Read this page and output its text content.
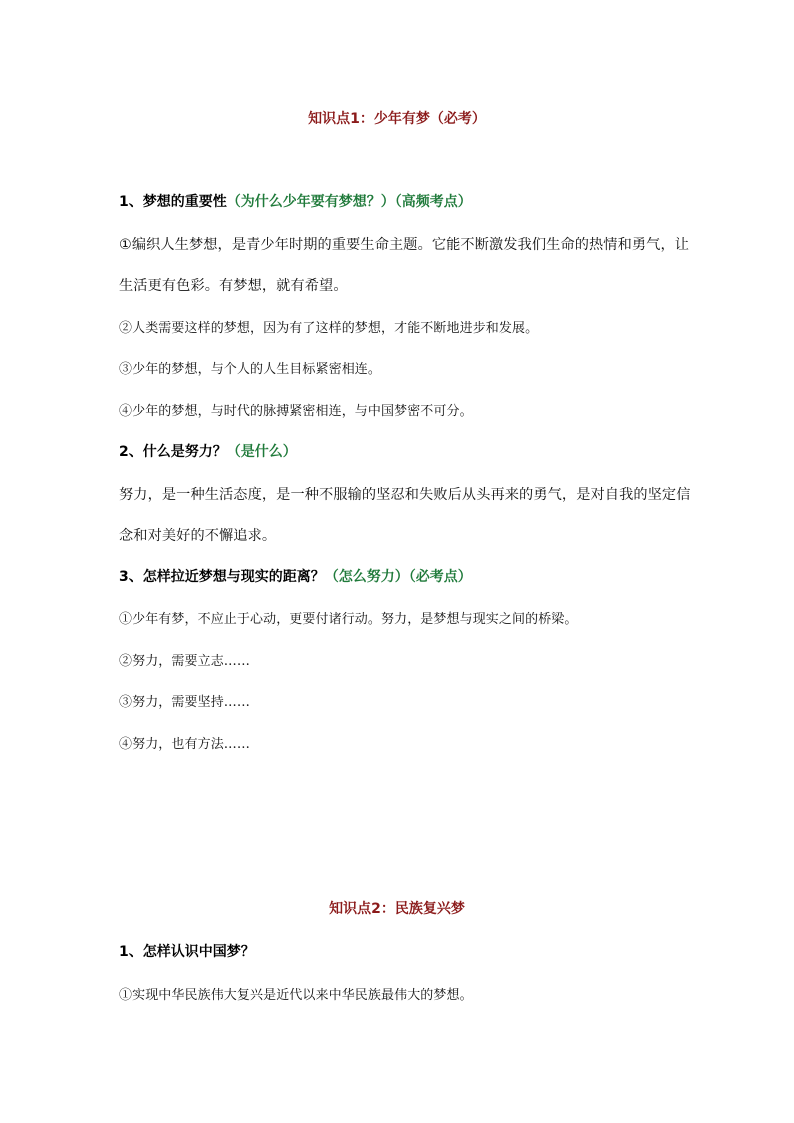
知识点1：少年有梦（必考）
1、梦想的重要性（为什么少年要有梦想？）（高频考点）
①编织人生梦想，是青少年时期的重要生命主题。它能不断激发我们生命的热情和勇气，让
生活更有色彩。有梦想，就有希望。
②人类需要这样的梦想，因为有了这样的梦想，才能不断地进步和发展。
③少年的梦想，与个人的人生目标紧密相连。
④少年的梦想，与时代的脉搏紧密相连，与中国梦密不可分。
2、什么是努力？（是什么）
努力，是一种生活态度，是一种不服输的坚忍和失败后从头再来的勇气，是对自我的坚定信
念和对美好的不懈追求。
3、怎样拉近梦想与现实的距离？（怎么努力）（必考点）
①少年有梦，不应止于心动，更要付诸行动。努力，是梦想与现实之间的桥梁。
②努力，需要立志……
③努力，需要坚持……
④努力，也有方法……
知识点2：民族复兴梦
1、怎样认识中国梦？
①实现中华民族伟大复兴是近代以来中华民族最伟大的梦想。
